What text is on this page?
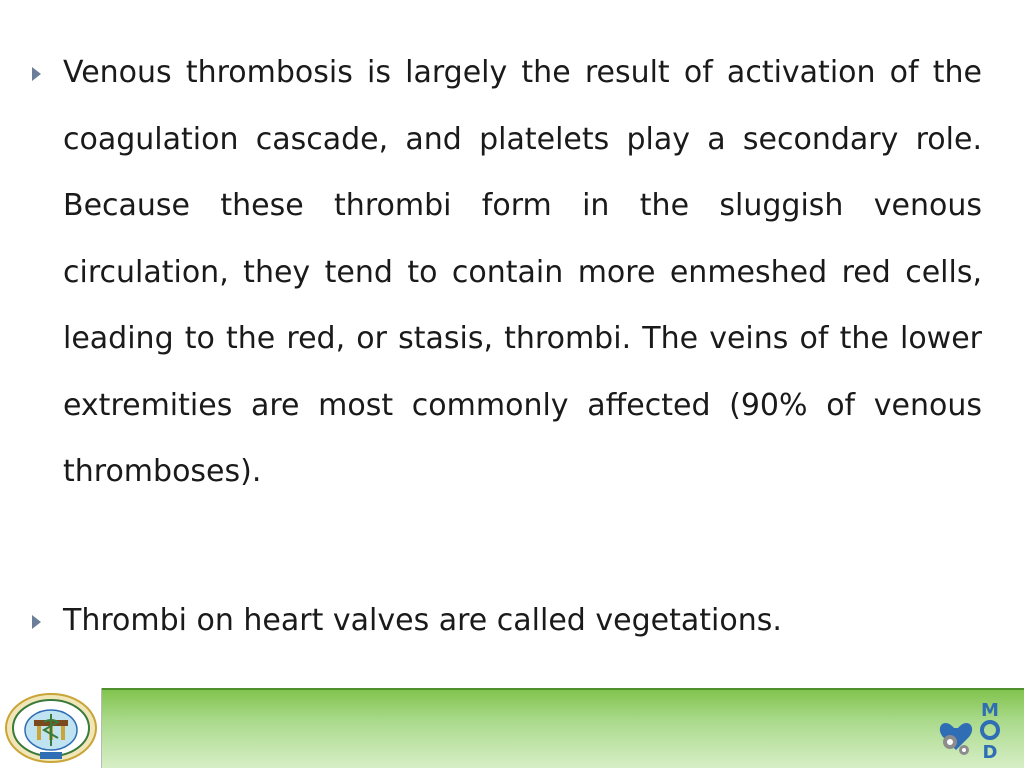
Venous thrombosis is largely the result of activation of the coagulation cascade, and platelets play a secondary role. Because these thrombi form in the sluggish venous circulation, they tend to contain more enmeshed red cells, leading to the red, or stasis, thrombi. The veins of the lower extremities are most commonly affected (90% of venous thromboses).
Thrombi on heart valves are called vegetations.
M
D
